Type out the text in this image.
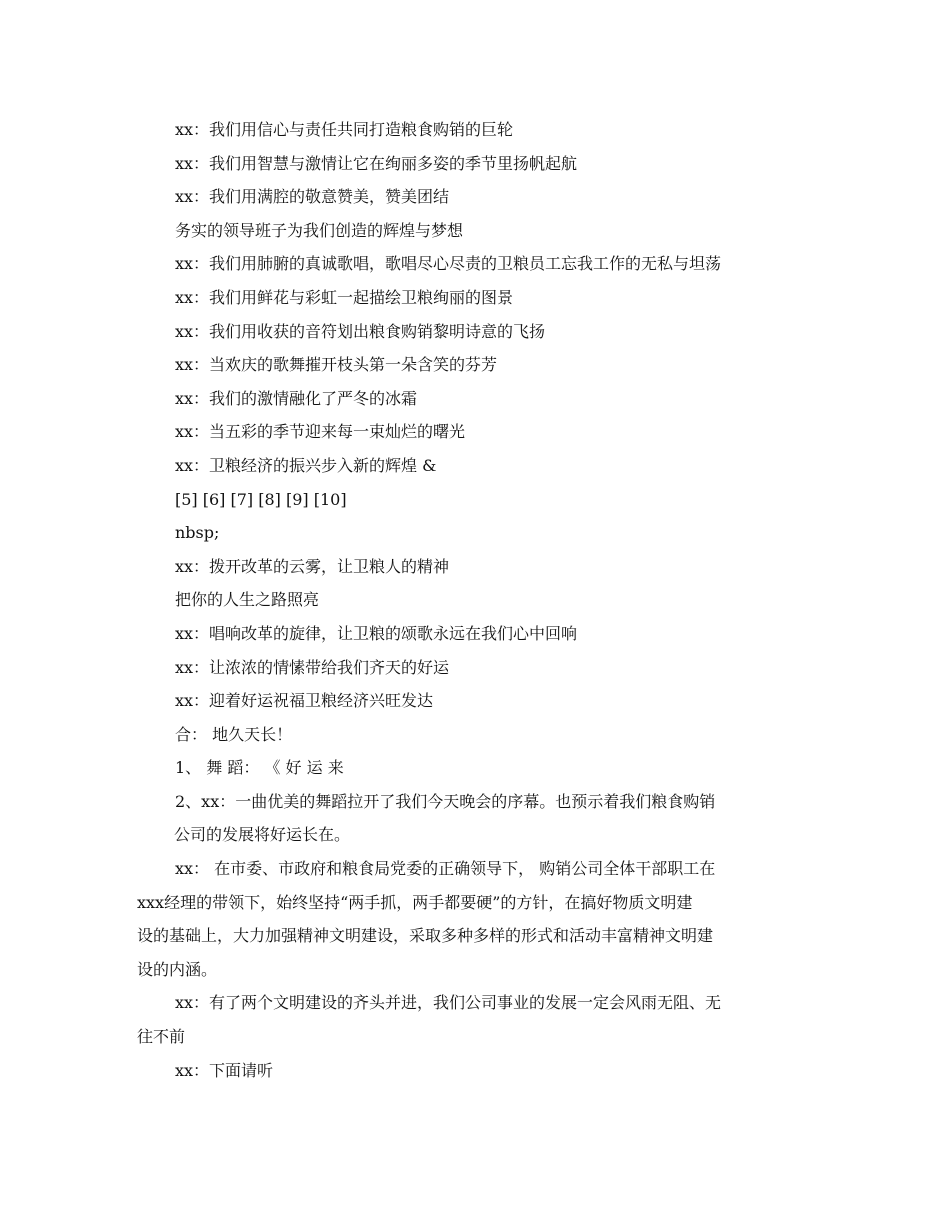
xx：我们用信心与责任共同打造粮食购销的巨轮
xx：我们用智慧与激情让它在绚丽多姿的季节里扬帆起航
xx：我们用满腔的敬意赞美，赞美团结
务实的领导班子为我们创造的辉煌与梦想
xx：我们用肺腑的真诚歌唱，歌唱尽心尽责的卫粮员工忘我工作的无私与坦荡
xx：我们用鲜花与彩虹一起描绘卫粮绚丽的图景
xx：我们用收获的音符划出粮食购销黎明诗意的飞扬
xx：当欢庆的歌舞摧开枝头第一朵含笑的芬芳
xx：我们的激情融化了严冬的冰霜
xx：当五彩的季节迎来每一束灿烂的曙光
xx：卫粮经济的振兴步入新的辉煌 &
[5] [6] [7] [8] [9] [10]
nbsp;
xx：拨开改革的云雾，让卫粮人的精神
把你的人生之路照亮
xx：唱响改革的旋律，让卫粮的颂歌永远在我们心中回响
xx：让浓浓的情愫带给我们齐天的好运
xx：迎着好运祝福卫粮经济兴旺发达
合： 地久天长！
1、 舞 蹈： 《 好 运 来
2、xx：一曲优美的舞蹈拉开了我们今天晚会的序幕。也预示着我们粮食购销
公司的发展将好运长在。
xx： 在市委、市政府和粮食局党委的正确领导下， 购销公司全体干部职工在
xxx经理的带领下，始终坚持“两手抓，两手都要硬”的方针，在搞好物质文明建
设的基础上，大力加强精神文明建设，采取多种多样的形式和活动丰富精神文明建
设的内涵。
xx：有了两个文明建设的齐头并进，我们公司事业的发展一定会风雨无阻、无
往不前
xx：下面请听
